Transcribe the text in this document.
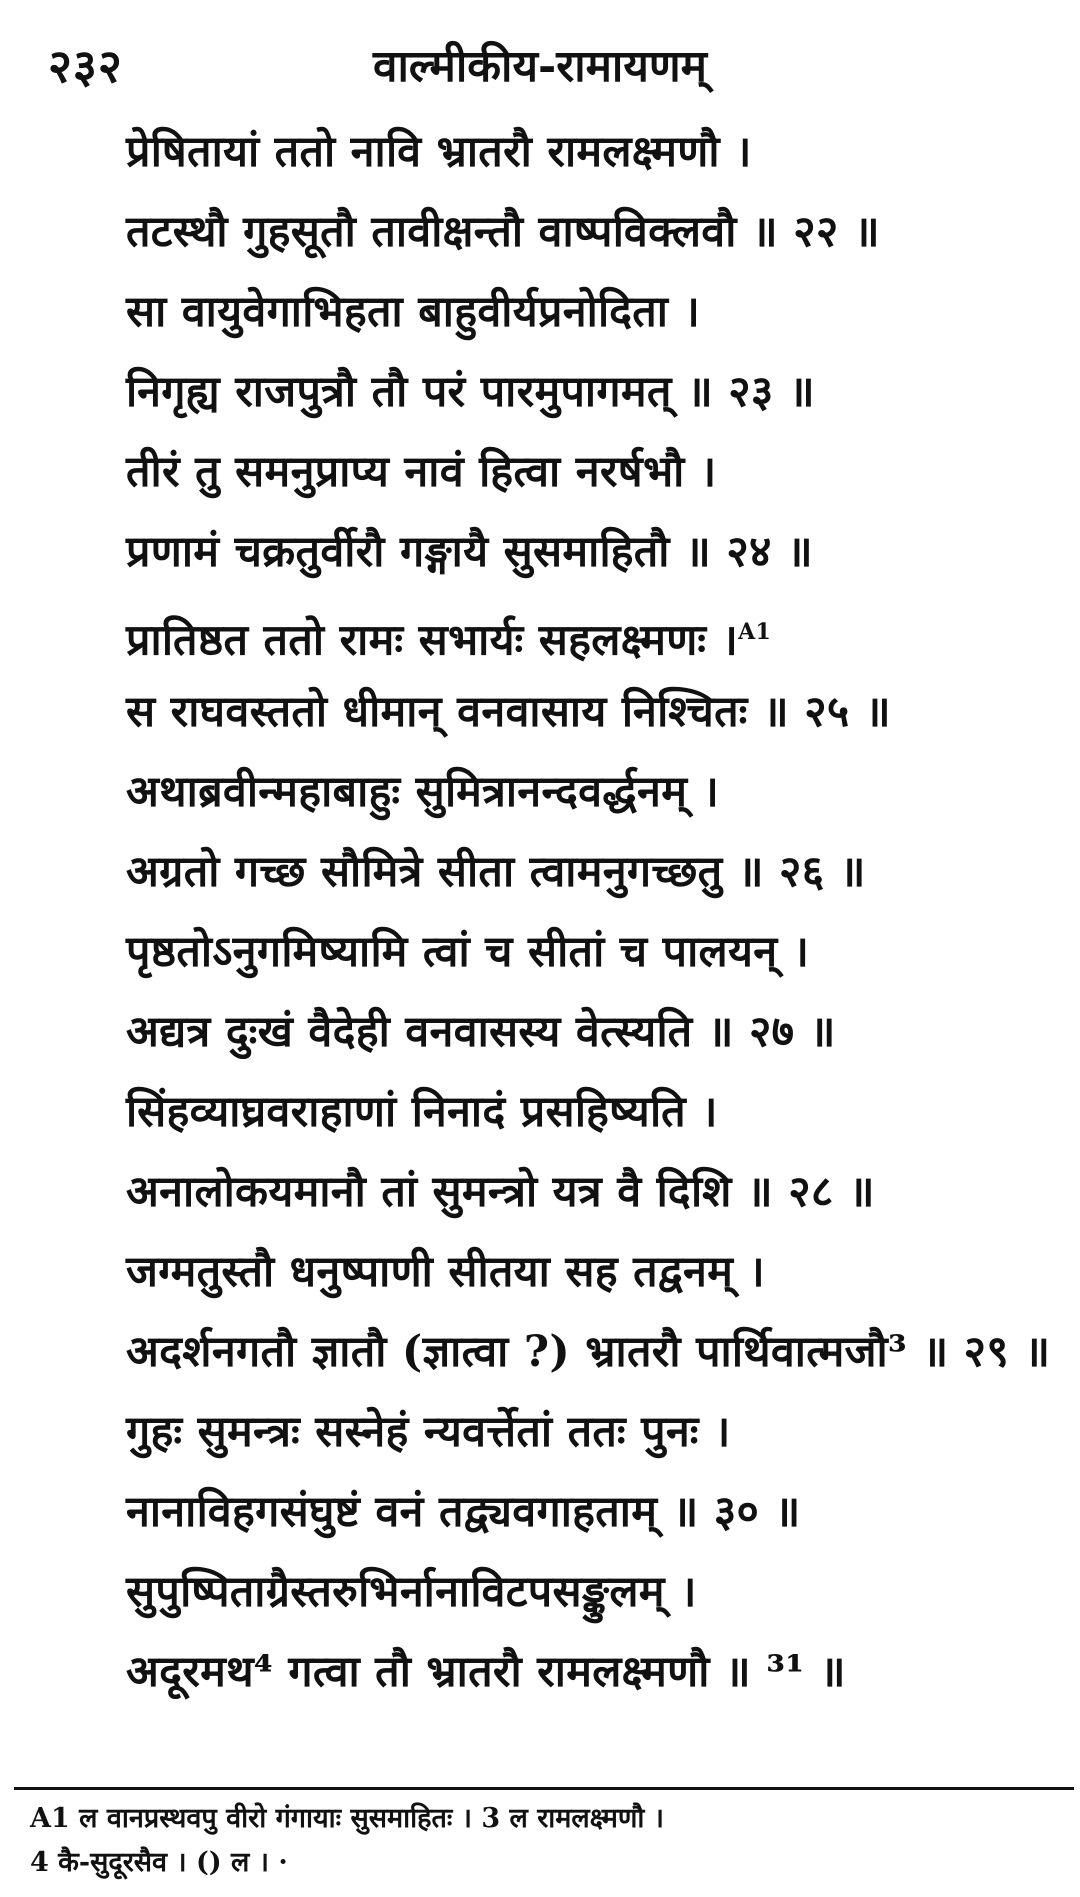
२३२	वाल्मीकीय-रामायणम्
प्रेषितायां ततो नावि भ्रातरौ रामलक्ष्मणौ ।
तटस्थौ गुहसूतौ तावीक्षन्तौ वाष्पविक्लवौ ॥ २२ ॥
सा वायुवेगाभिहता बाहुवीर्यप्रनोदिता ।
निगृह्य राजपुत्रौ तौ परं पारमुपागमत् ॥ २३ ॥
तीरं तु समनुप्राप्य नावं हित्वा नरर्षभौ ।
प्रणामं चक्रतुर्वीरौ गङ्गायै सुसमाहितौ ॥ २४ ॥
प्रातिष्ठत ततो रामः सभार्यः सहलक्ष्मणः ।$^{A1}$
स राघवस्ततो धीमान् वनवासाय निश्चितः ॥ २५ ॥
अथाब्रवीन्महाबाहुः सुमित्रानन्दवर्द्धनम् ।
अग्रतो गच्छ सौमित्रे सीता त्वामनुगच्छतु ॥ २६ ॥
पृष्ठतोऽनुगमिष्यामि त्वां च सीतां च पालयन् ।
अद्यत्र दुःखं वैदेही वनवासस्य वेत्स्यति ॥ २७ ॥
सिंहव्याघ्रवराहाणां निनादं प्रसहिष्यति ।
अनालोकयमानौ तां सुमन्त्रो यत्र वै दिशि ॥ २८ ॥
जग्मतुस्तौ धनुष्पाणी सीतया सह तद्वनम् ।
अदर्शनगतौ ज्ञातौ (ज्ञात्वा ?) भ्रातरौ पार्थिवात्मजौ³ ॥ २९ ॥
गुहः सुमन्त्रः सस्नेहं न्यवर्त्तेतां ततः पुनः ।
नानाविहगसंघुष्टं वनं तद्व्यवगाहताम् ॥ ३० ॥
सुपुष्पिताग्रैस्तरुभिर्नानाविटपसङ्कुलम् ।
अदूरमथ⁴ गत्वा तौ भ्रातरौ रामलक्ष्मणौ ॥ ³¹ ॥
A1 ल वानप्रस्थवपु वीरो गंगायाः सुसमाहितः । 3 ल रामलक्ष्मणौ ।
4 कै-सुदूरसैव । () ल । ·
